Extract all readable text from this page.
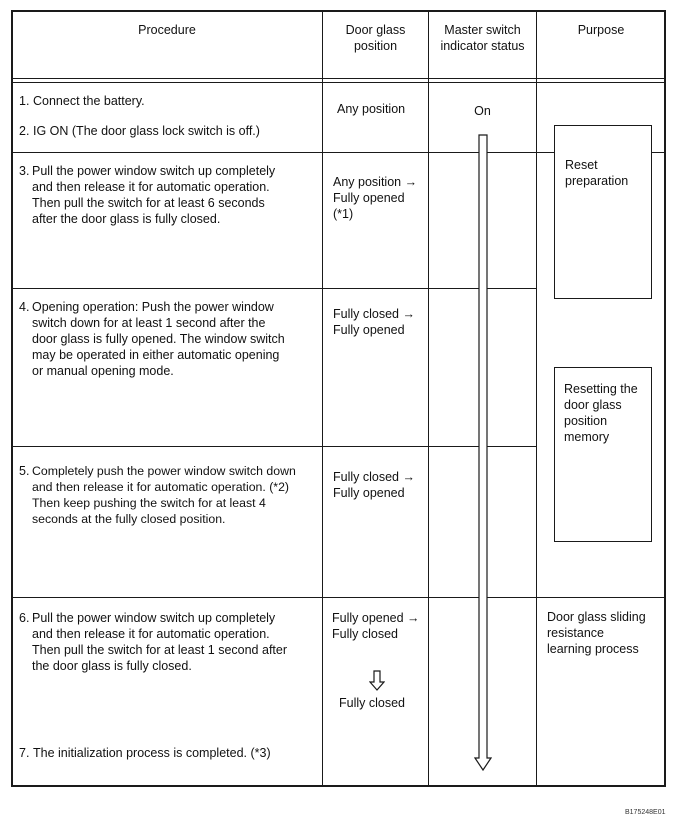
Procedure	Door glass
position
Master switch
indicator status
Purpose
1. Connect the battery.
2. IG ON (The door glass lock switch is off.)
3. Pull the power window switch up completely
and then release it for automatic operation.
Then pull the switch for at least 6 seconds
after the door glass is fully closed.
4. Opening operation: Push the power window
switch down for at least 1 second after the
door glass is fully opened. The window switch
may be operated in either automatic opening
or manual opening mode.
5. Completely push the power window switch down
and then release it for automatic operation. (*2)
Then keep pushing the switch for at least 4
seconds at the fully closed position.
6. Pull the power window switch up completely
and then release it for automatic operation.
Then pull the switch for at least 1 second after
the door glass is fully closed.
7. The initialization process is completed. (*3)
Any position
Any position →
Fully opened
(*1)
Fully closed →
Fully opened
Fully closed →
Fully opened
Fully opened →
Fully closed
Fully closed
On
Reset
preparation
Resetting the
door glass
position
memory
Door glass sliding
resistance
learning process
B175248E01
